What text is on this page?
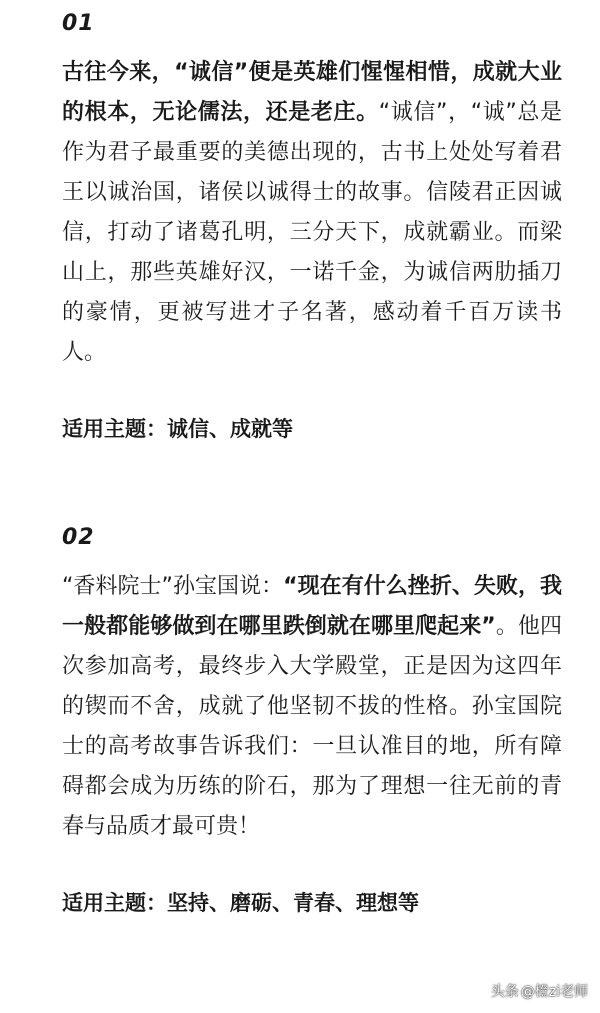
01
古往今来，“诚信”便是英雄们惺惺相惜，成就大业的根本，无论儒法，还是老庄。“诚信”，“诚”总是作为君子最重要的美德出现的，古书上处处写着君王以诚治国，诸侯以诚得士的故事。信陵君正因诚信，打动了诸葛孔明，三分天下，成就霸业。而梁山上，那些英雄好汉，一诺千金，为诚信两肋插刀的豪情，更被写进才子名著，感动着千百万读书人。
适用主题：诚信、成就等
02
“香料院士”孙宝国说：“现在有什么挫折、失败，我一般都能够做到在哪里跌倒就在哪里爬起来”。他四次参加高考，最终步入大学殿堂，正是因为这四年的锲而不舍，成就了他坚韧不拔的性格。孙宝国院士的高考故事告诉我们：一旦认准目的地，所有障碍都会成为历练的阶石，那为了理想一往无前的青春与品质才最可贵！
适用主题：坚持、磨砺、青春、理想等
头条 @橙zi老师
